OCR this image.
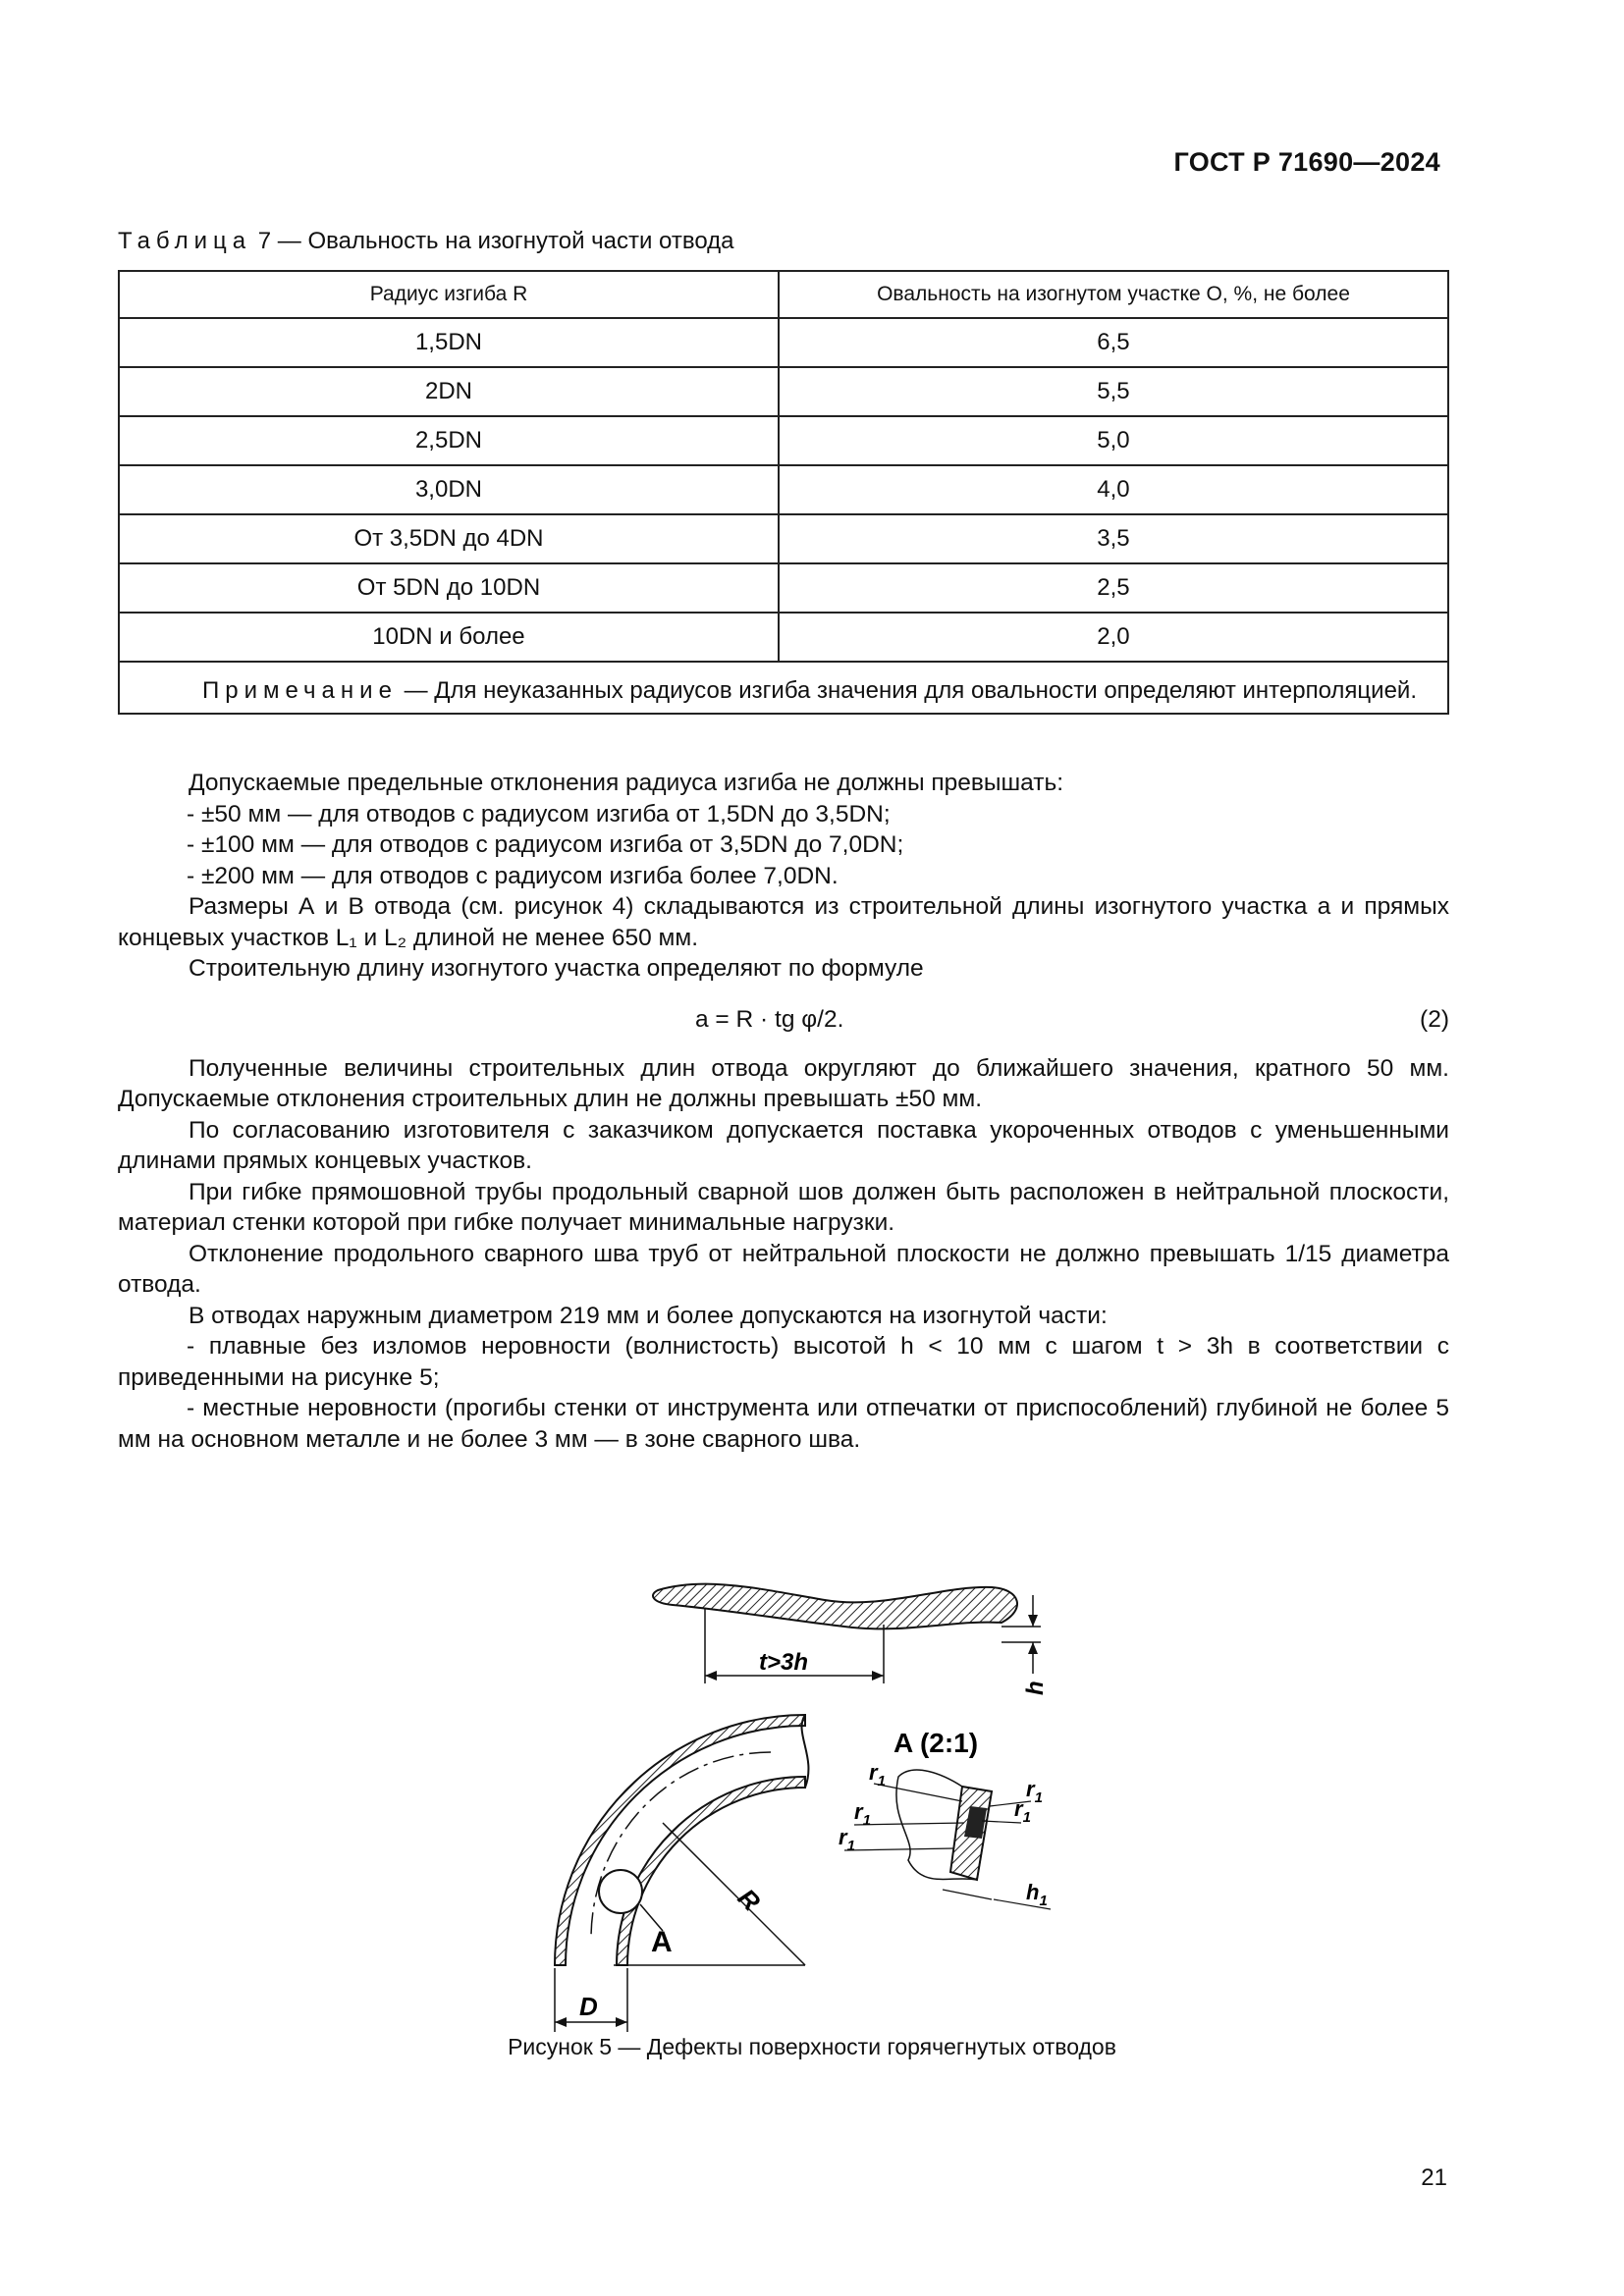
ГОСТ Р 71690—2024
Таблица 7 — Овальность на изогнутой части отвода
Радиус изгиба R	Овальность на изогнутом участке О, %, не более
1,5DN	6,5
2DN	5,5
2,5DN	5,0
3,0DN	4,0
От 3,5DN до 4DN	3,5
От 5DN до 10DN	2,5
10DN и более	2,0
Примечание — Для неуказанных радиусов изгиба значения для овальности определяют интерполяцией.	

Допускаемые предельные отклонения радиуса изгиба не должны превышать:

- ±50 мм — для отводов с радиусом изгиба от 1,5DN до 3,5DN;

- ±100 мм — для отводов с радиусом изгиба от 3,5DN до 7,0DN;

- ±200 мм — для отводов с радиусом изгиба более 7,0DN.

Размеры А и В отвода (см. рисунок 4) складываются из строительной длины изогнутого участка a и прямых концевых участков L₁ и L₂ длиной не менее 650 мм.

Строительную длину изогнутого участка определяют по формуле

a = R · tg φ/2.	(2)

Полученные величины строительных длин отвода округляют до ближайшего значения, кратного 50 мм. Допускаемые отклонения строительных длин не должны превышать ±50 мм.

По согласованию изготовителя с заказчиком допускается поставка укороченных отводов с уменьшенными длинами прямых концевых участков.

При гибке прямошовной трубы продольный сварной шов должен быть расположен в нейтральной плоскости, материал стенки которой при гибке получает минимальные нагрузки.

Отклонение продольного сварного шва труб от нейтральной плоскости не должно превышать 1/15 диаметра отвода.

В отводах наружным диаметром 219 мм и более допускаются на изогнутой части:

- плавные без изломов неровности (волнистость) высотой h < 10 мм с шагом t > 3h в соответствии с приведенными на рисунке 5;

- местные неровности (прогибы стенки от инструмента или отпечатки от приспособлений) глубиной не более 5 мм на основном металле и не более 3 мм — в зоне сварного шва.

t>3h
h
R
A
D
A (2:1)
$r_1$	$r_1$
$r_1$	$r_1$
$r_1$
$h_1$
Рисунок 5 — Дефекты поверхности горячегнутых отводов
21
